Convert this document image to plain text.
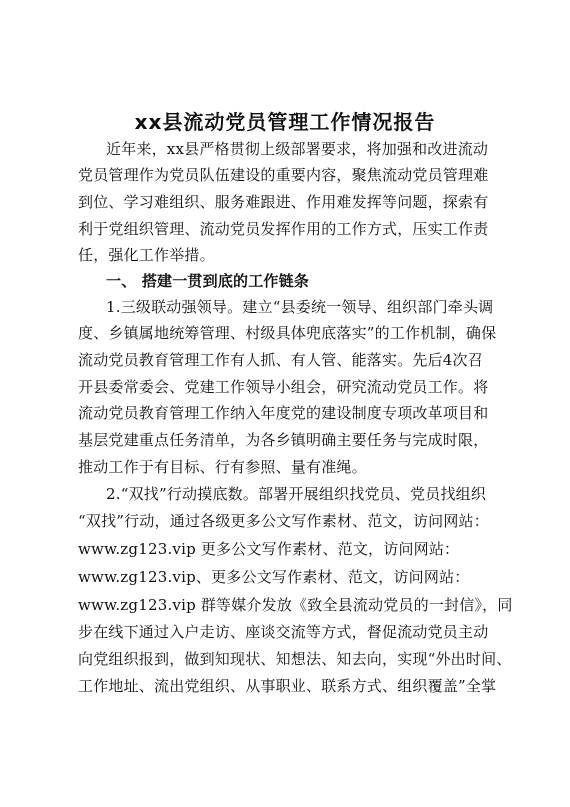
xx县流动党员管理工作情况报告
近年来，xx县严格贯彻上级部署要求，将加强和改进流动
党员管理作为党员队伍建设的重要内容，聚焦流动党员管理难
到位、学习难组织、服务难跟进、作用难发挥等问题，探索有
利于党组织管理、流动党员发挥作用的工作方式，压实工作责
任，强化工作举措。
一、 搭建一贯到底的工作链条
1.三级联动强领导。建立“县委统一领导、组织部门牵头调
度、乡镇属地统筹管理、村级具体兜底落实”的工作机制，确保
流动党员教育管理工作有人抓、有人管、能落实。先后4次召
开县委常委会、党建工作领导小组会，研究流动党员工作。将
流动党员教育管理工作纳入年度党的建设制度专项改革项目和
基层党建重点任务清单，为各乡镇明确主要任务与完成时限，
推动工作于有目标、行有参照、量有准绳。
2.“双找”行动摸底数。部署开展组织找党员、党员找组织
“双找”行动，通过各级更多公文写作素材、范文，访问网站：
www.zg123.vip 更多公文写作素材、范文，访问网站：
www.zg123.vip、更多公文写作素材、范文，访问网站：
www.zg123.vip 群等媒介发放《致全县流动党员的一封信》，同
步在线下通过入户走访、座谈交流等方式，督促流动党员主动
向党组织报到，做到知现状、知想法、知去向，实现“外出时间、
工作地址、流出党组织、从事职业、联系方式、组织覆盖”全掌
